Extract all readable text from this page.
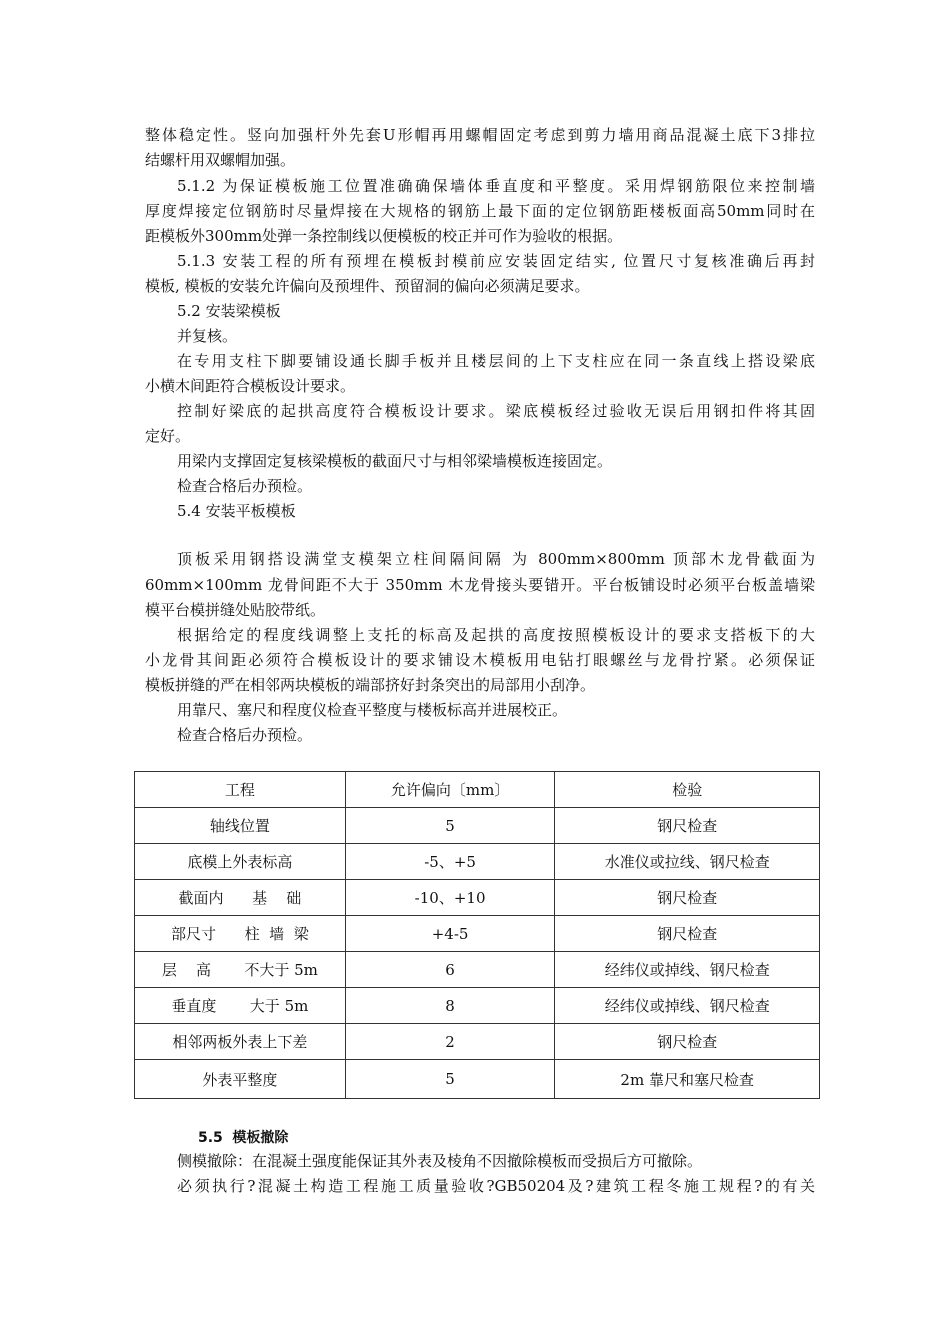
整体稳定性。竖向加强杆外先套U形帽再用螺帽固定考虑到剪力墙用商品混凝土底下3排拉

结螺杆用双螺帽加强。

5.1.2 为保证模板施工位置准确确保墙体垂直度和平整度。采用焊钢筋限位来控制墙

厚度焊接定位钢筋时尽量焊接在大规格的钢筋上最下面的定位钢筋距楼板面高50mm同时在

距模板外300mm处弹一条控制线以便模板的校正并可作为验收的根据。

5.1.3 安装工程的所有预埋在模板封模前应安装固定结实, 位置尺寸复核准确后再封

模板, 模板的安装允许偏向及预埋件、预留洞的偏向必须满足要求。

5.2 安装梁模板

并复核。

在专用支柱下脚要铺设通长脚手板并且楼层间的上下支柱应在同一条直线上搭设梁底

小横木间距符合模板设计要求。

控制好梁底的起拱高度符合模板设计要求。梁底模板经过验收无误后用钢扣件将其固

定好。

用梁内支撑固定复核梁模板的截面尺寸与相邻梁墙模板连接固定。

检查合格后办预检。

5.4 安装平板模板

顶板采用钢搭设满堂支模架立柱间隔间隔 为 800mm×800mm 顶部木龙骨截面为

60mm×100mm 龙骨间距不大于 350mm 木龙骨接头要错开。平台板铺设时必须平台板盖墙梁

模平台模拼缝处贴胶带纸。

根据给定的程度线调整上支托的标高及起拱的高度按照模板设计的要求支搭板下的大

小龙骨其间距必须符合模板设计的要求铺设木模板用电钻打眼螺丝与龙骨拧紧。必须保证

模板拼缝的严在相邻两块模板的端部挤好封条突出的局部用小刮净。

用靠尺、塞尺和程度仪检查平整度与楼板标高并进展校正。

检查合格后办预检。

工程	允许偏向〔mm〕	检验
轴线位置	5	钢尺检查
底模上外表标高	-5、+5	水准仪或拉线、钢尺检查
截面内      基    础	-10、+10	钢尺检查
部尺寸      柱  墙  梁	+4-5	钢尺检查
层    高       不大于 5m	6	经纬仪或掉线、钢尺检查
垂直度       大于 5m	8	经纬仪或掉线、钢尺检查
相邻两板外表上下差	2	钢尺检查
外表平整度	5	2m 靠尺和塞尺检查

5.5 模板撤除

侧模撤除：在混凝土强度能保证其外表及棱角不因撤除模板而受损后方可撤除。

必须执行?混凝土构造工程施工质量验收?GB50204及?建筑工程冬施工规程?的有关
